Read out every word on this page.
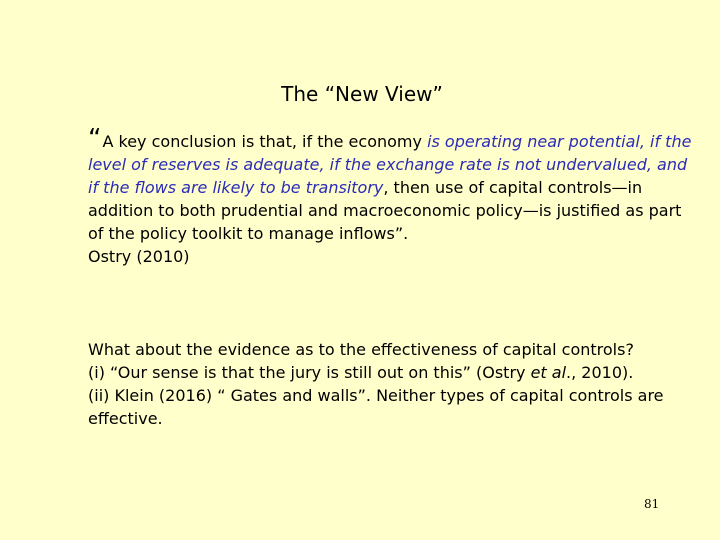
The “New View”
“A key conclusion is that, if the economy is operating near potential, if the level of reserves is adequate, if the exchange rate is not undervalued, and if the flows are likely to be transitory, then use of capital controls—in addition to both prudential and macroeconomic policy—is justified as part of the policy toolkit to manage inflows”.
Ostry (2010)

What about the evidence as to the effectiveness of capital controls?

(i) “Our sense is that the jury is still out on this” (Ostry et al., 2010).

(ii) Klein (2016) “ Gates and walls”. Neither types of capital controls are effective.

81
